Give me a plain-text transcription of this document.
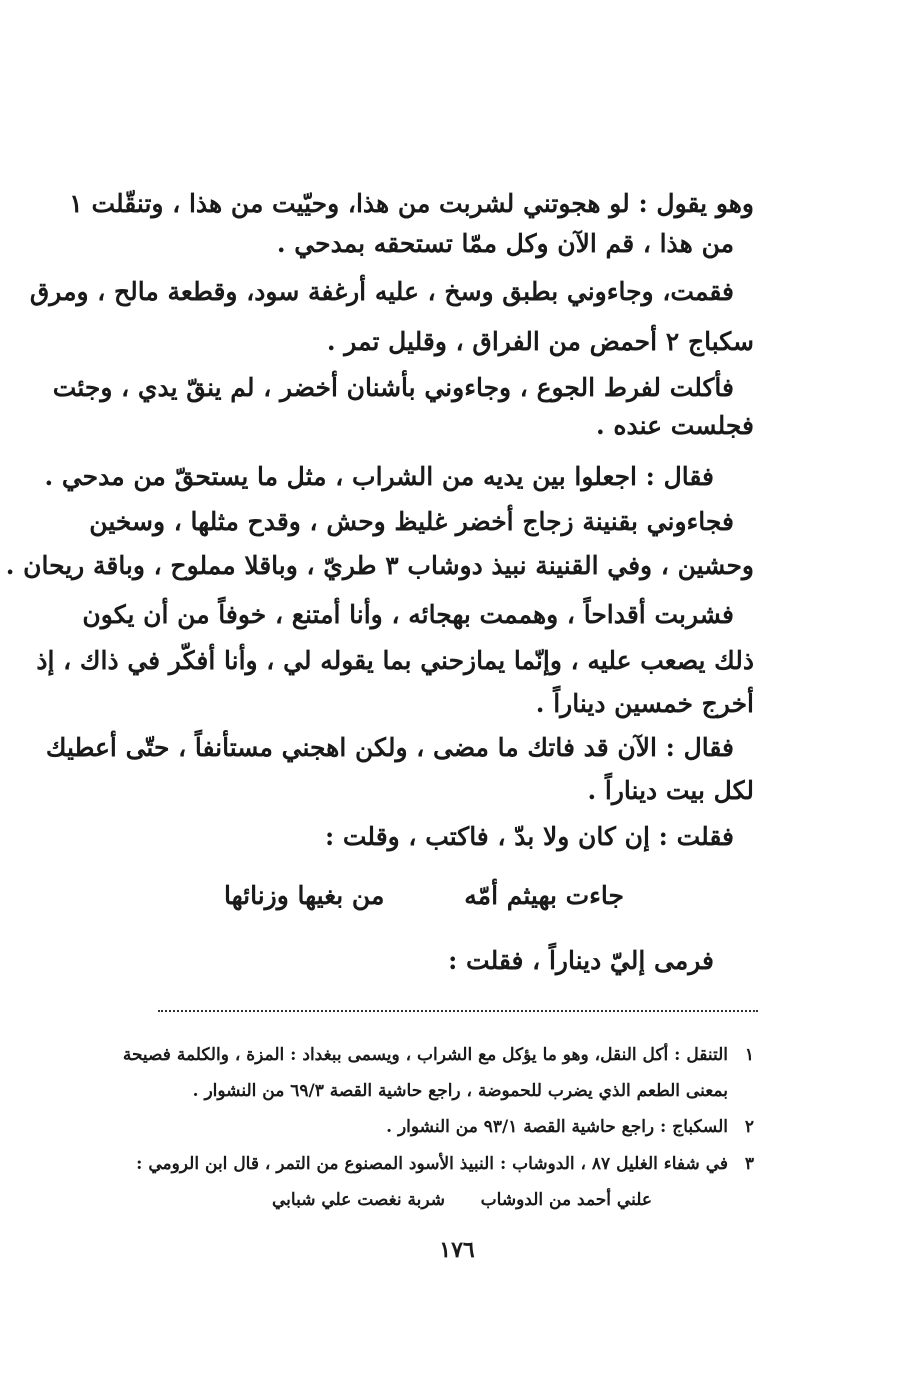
وهو يقول : لو هجوتني لشربت من هذا، وحيّيت من هذا ، وتنقّلت ١
من هذا ، قم الآن وكل ممّا تستحقه بمدحي .
فقمت، وجاءوني بطبق وسخ ، عليه أرغفة سود، وقطعة مالح ، ومرق
سكباج ٢ أحمض من الفراق ، وقليل تمر .
فأكلت لفرط الجوع ، وجاءوني بأشنان أخضر ، لم ينقّ يدي ، وجئت
فجلست عنده .
فقال : اجعلوا بين يديه من الشراب ، مثل ما يستحقّ من مدحي .
فجاءوني بقنينة زجاج أخضر غليظ وحش ، وقدح مثلها ، وسخين
وحشين ، وفي القنينة نبيذ دوشاب ٣ طريّ ، وباقلا مملوح ، وباقة ريحان .
فشربت أقداحاً ، وهممت بهجائه ، وأنا أمتنع ، خوفاً من أن يكون
ذلك يصعب عليه ، وإنّما يمازحني بما يقوله لي ، وأنا أفكّر في ذاك ، إذ
أخرج خمسين ديناراً .
فقال : الآن قد فاتك ما مضى ، ولكن اهجني مستأنفاً ، حتّى أعطيك
لكل بيت ديناراً .
فقلت : إن كان ولا بدّ ، فاكتب ، وقلت :
جاءت بهيثم أمّه
من بغيها وزنائها
فرمى إليّ ديناراً ، فقلت :
١التنقل : أكل النقل، وهو ما يؤكل مع الشراب ، ويسمى ببغداد : المزة ، والكلمة فصيحة
بمعنى الطعم الذي يضرب للحموضة ، راجع حاشية القصة ٦٩/٣ من النشوار .
٢السكباج : راجع حاشية القصة ٩٣/١ من النشوار .
٣في شفاء الغليل ٨٧ ، الدوشاب : النبيذ الأسود المصنوع من التمر ، قال ابن الرومي :
علني أحمد من الدوشاب
شربة نغصت علي شبابي
١٧٦
